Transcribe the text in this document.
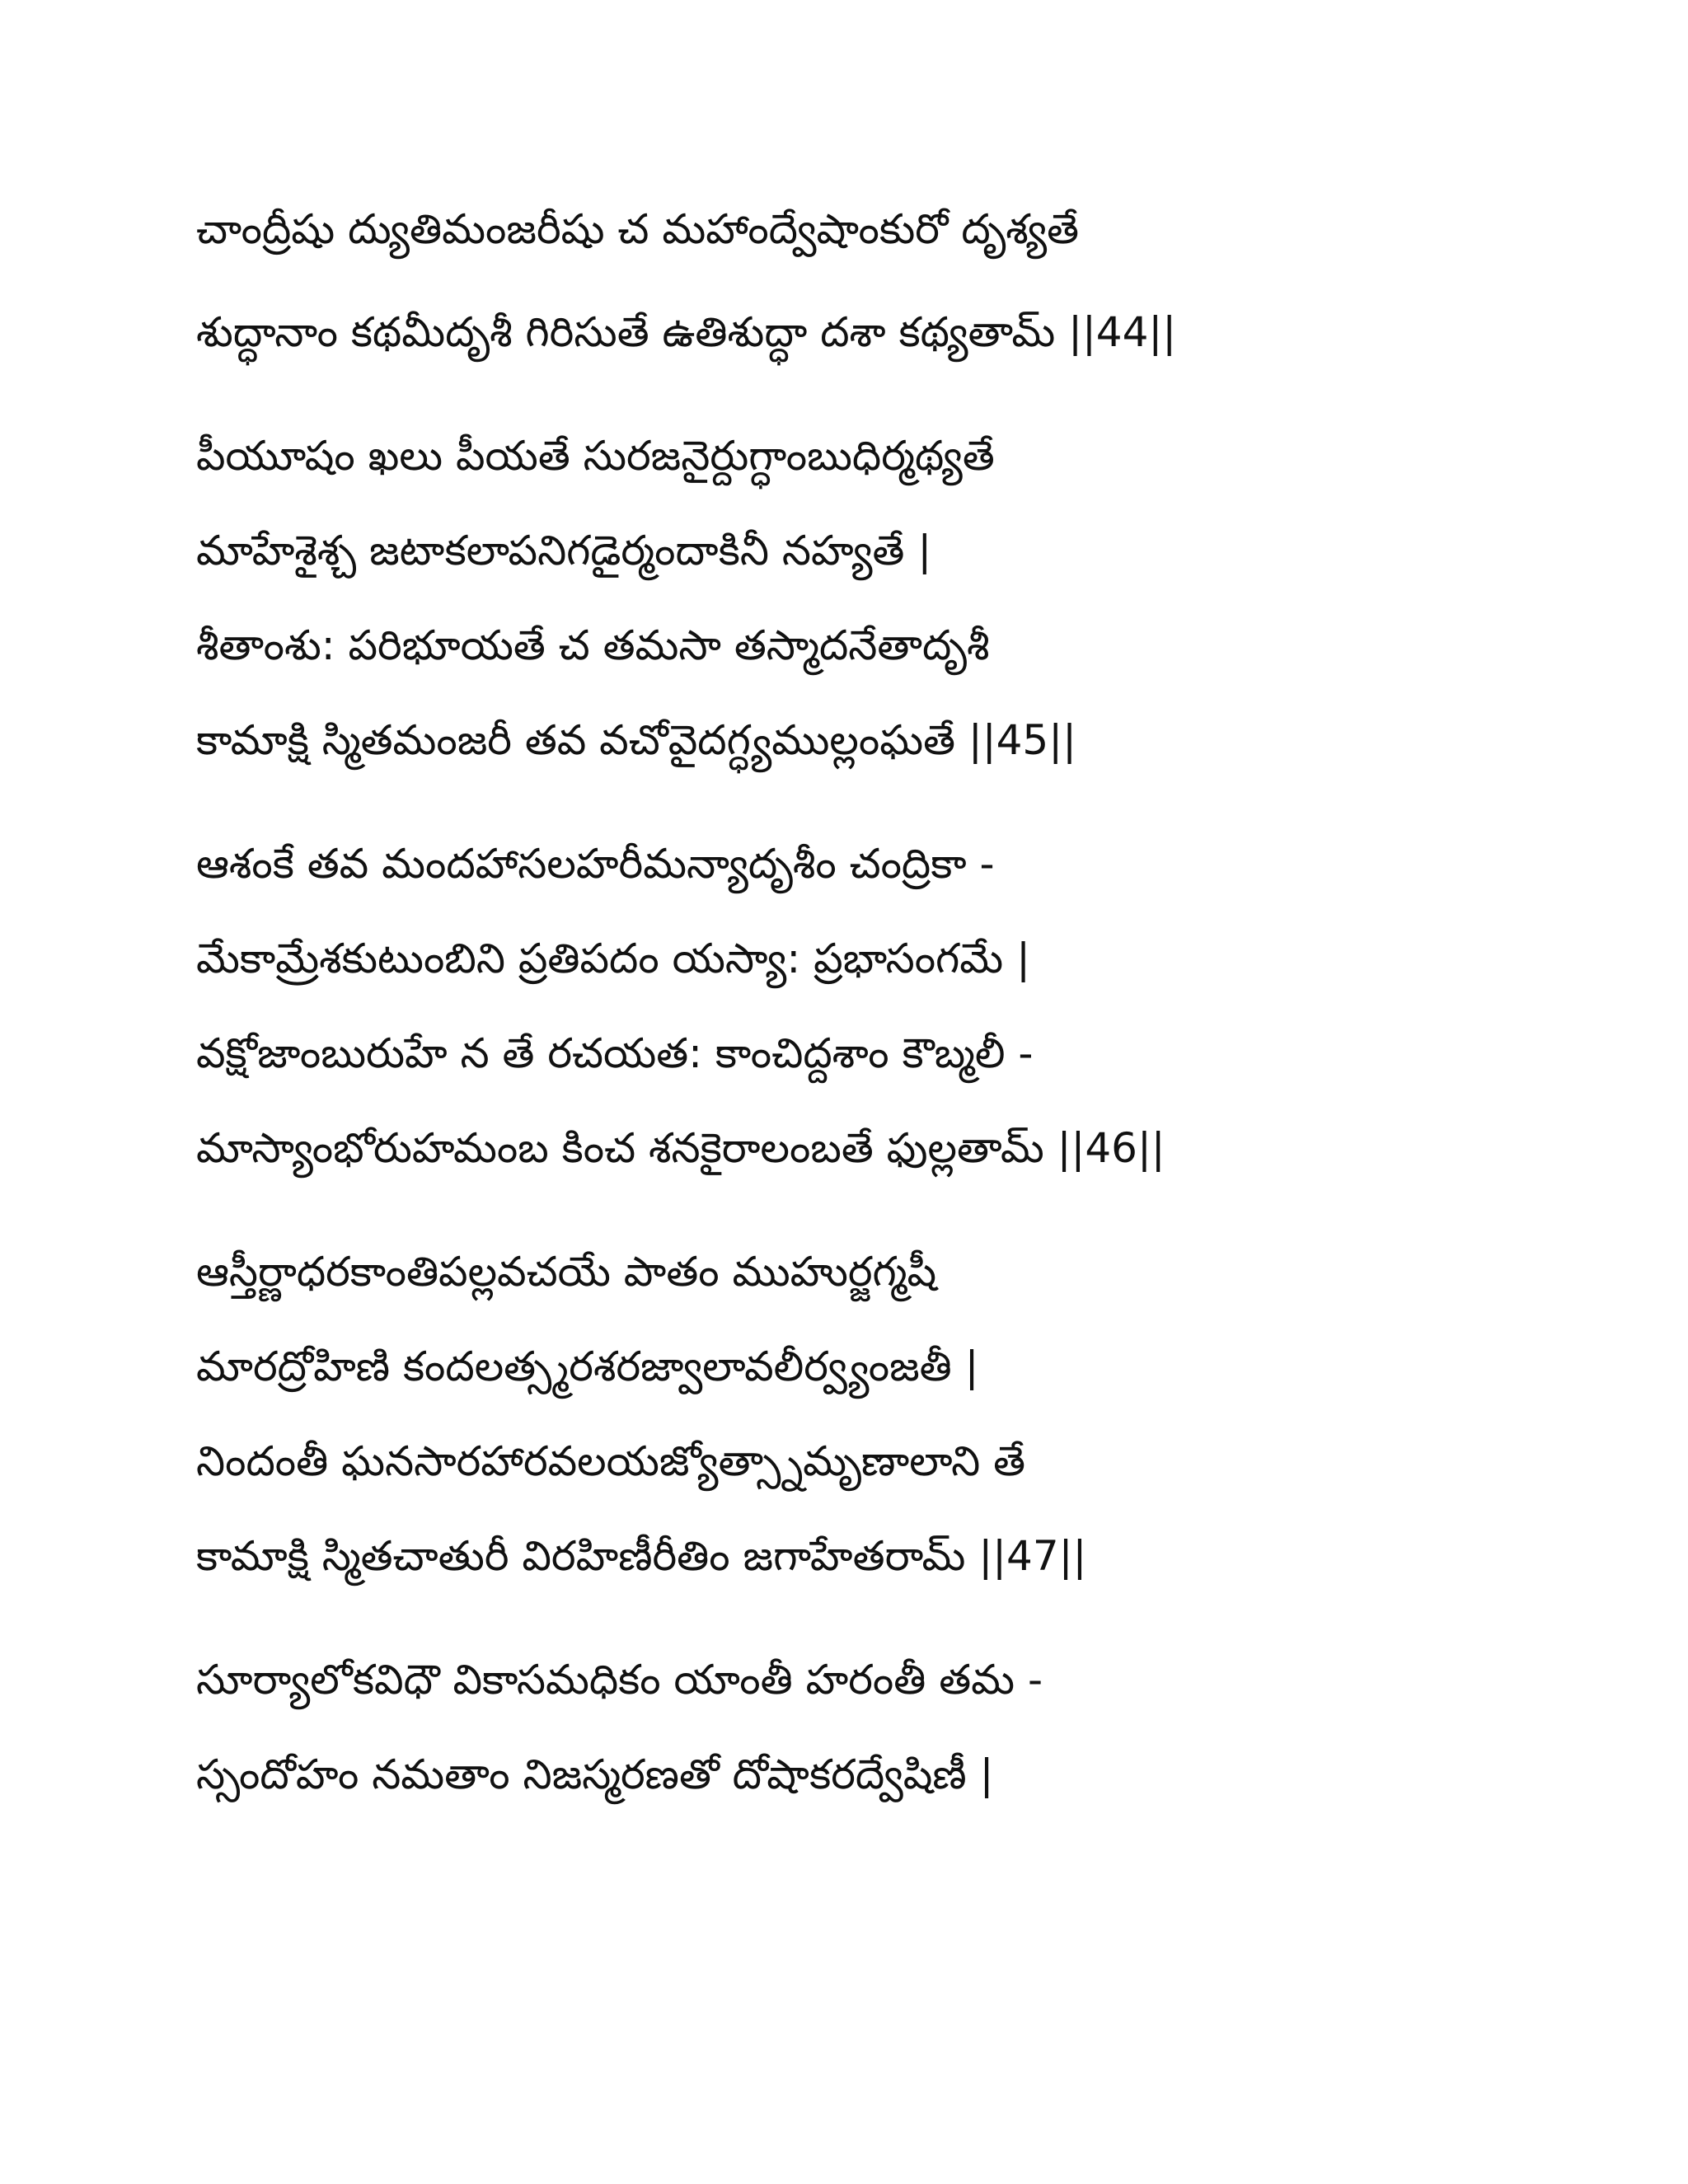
చాంద్రీషు ద్యుతిమంజరీషు చ మహాంద్వేషాంకురో దృశ్యతే
శుద్ధానాం కథమీదృశీ గిరిసుతే ఉతిశుద్ధా దశా కథ్యతామ్ ||44||
పీయూషం ఖలు పీయతే సురజనైర్దుగ్ధాంబుధిర్మథ్యతే
మాహేశైశ్చ జటాకలాపనిగడైర్మందాకినీ నహ్యతే |
శీతాంశు: పరిభూయతే చ తమసా తస్మాదనేతాదృశీ
కామాక్షి స్మితమంజరీ తవ వచోవైదగ్ధ్యముల్లంఘతే ||45||
ఆశంకే తవ మందహాసలహరీమన్యాదృశీం చంద్రికా -
మేకామ్రేశకుటుంబిని ప్రతిపదం యస్యా: ప్రభాసంగమే |
వక్షోజాంబురుహే న తే రచయత: కాంచిద్దశాం కౌబ్మలీ -
మాస్యాంభోరుహమంబ కించ శనకైరాలంబతే ఫుల్లతామ్ ||46||
ఆస్తీర్ణాధరకాంతిపల్లవచయే పాతం ముహుర్జగ్మషీ
మారద్రోహిణి కందలత్స్మరశరజ్వాలావలీర్వ్యంజతీ |
నిందంతీ ఘనసారహారవలయజ్యోత్స్నామృణాలాని తే
కామాక్షి స్మితచాతురీ విరహిణీరీతిం జగాహేతరామ్ ||47||
సూర్యాలోకవిధౌ వికాసమధికం యాంతీ హరంతీ తమ -
స్సందోహం నమతాం నిజస్మరణతో దోషాకరద్వేషిణీ |
